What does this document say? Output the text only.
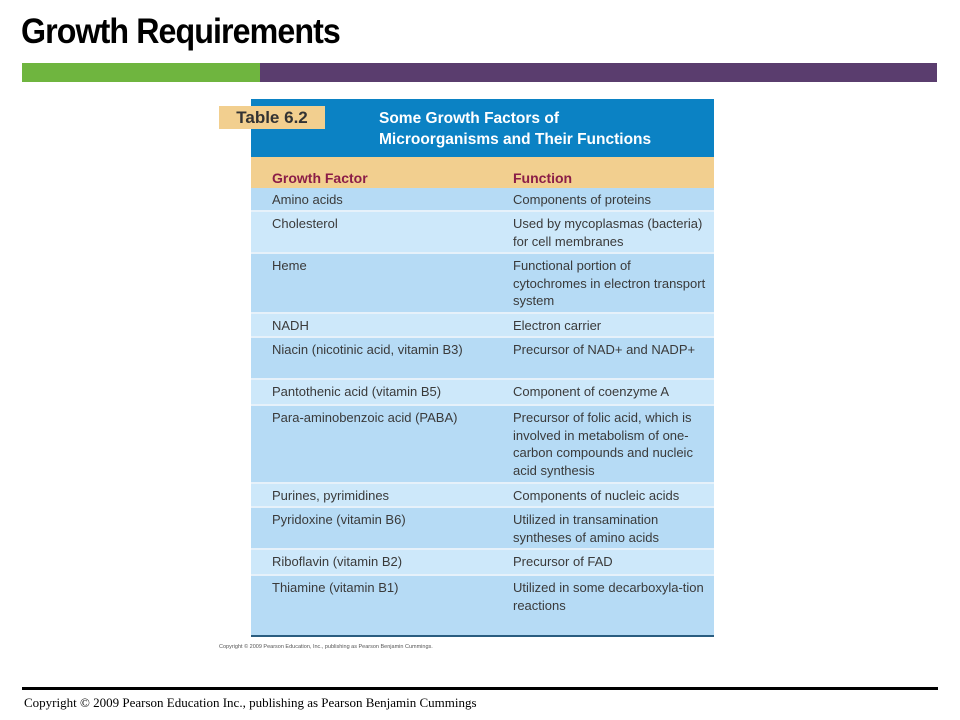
Growth Requirements
Some Growth Factors of
Microorganisms and Their Functions
Table 6.2
Growth Factor	Function
Amino acids	Components of proteins
Cholesterol	Used by mycoplasmas (bacteria) for cell membranes
Heme	Functional portion of cytochromes in electron transport system
NADH	Electron carrier
Niacin (nicotinic acid, vitamin B3)	Precursor of NAD+ and NADP+
Pantothenic acid (vitamin B5)	Component of coenzyme A
Para-aminobenzoic acid (PABA)	Precursor of folic acid, which is involved in metabolism of one-carbon compounds and nucleic acid synthesis
Purines, pyrimidines	Components of nucleic acids
Pyridoxine (vitamin B6)	Utilized in transamination syntheses of amino acids
Riboflavin (vitamin B2)	Precursor of FAD
Thiamine (vitamin B1)	Utilized in some decarboxyla-tion reactions
Copyright © 2009 Pearson Education, Inc., publishing as Pearson Benjamin Cummings.
Copyright © 2009 Pearson Education Inc., publishing as Pearson Benjamin Cummings
